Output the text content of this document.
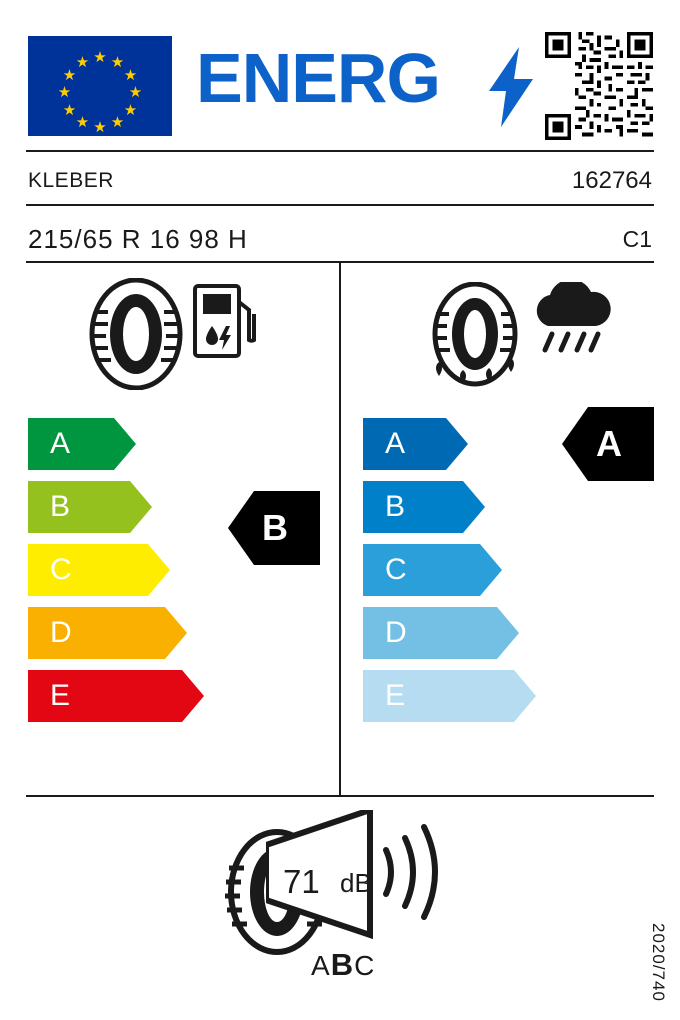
★
★ ★
★	★
★	★
★	★
★ ★
★
ENERG
KLEBER	162764
215/65 R 16 98 H	C1
A
B
C
D
E
B
A
B
C
D
E
A
71 dB
ABC	2020/740
